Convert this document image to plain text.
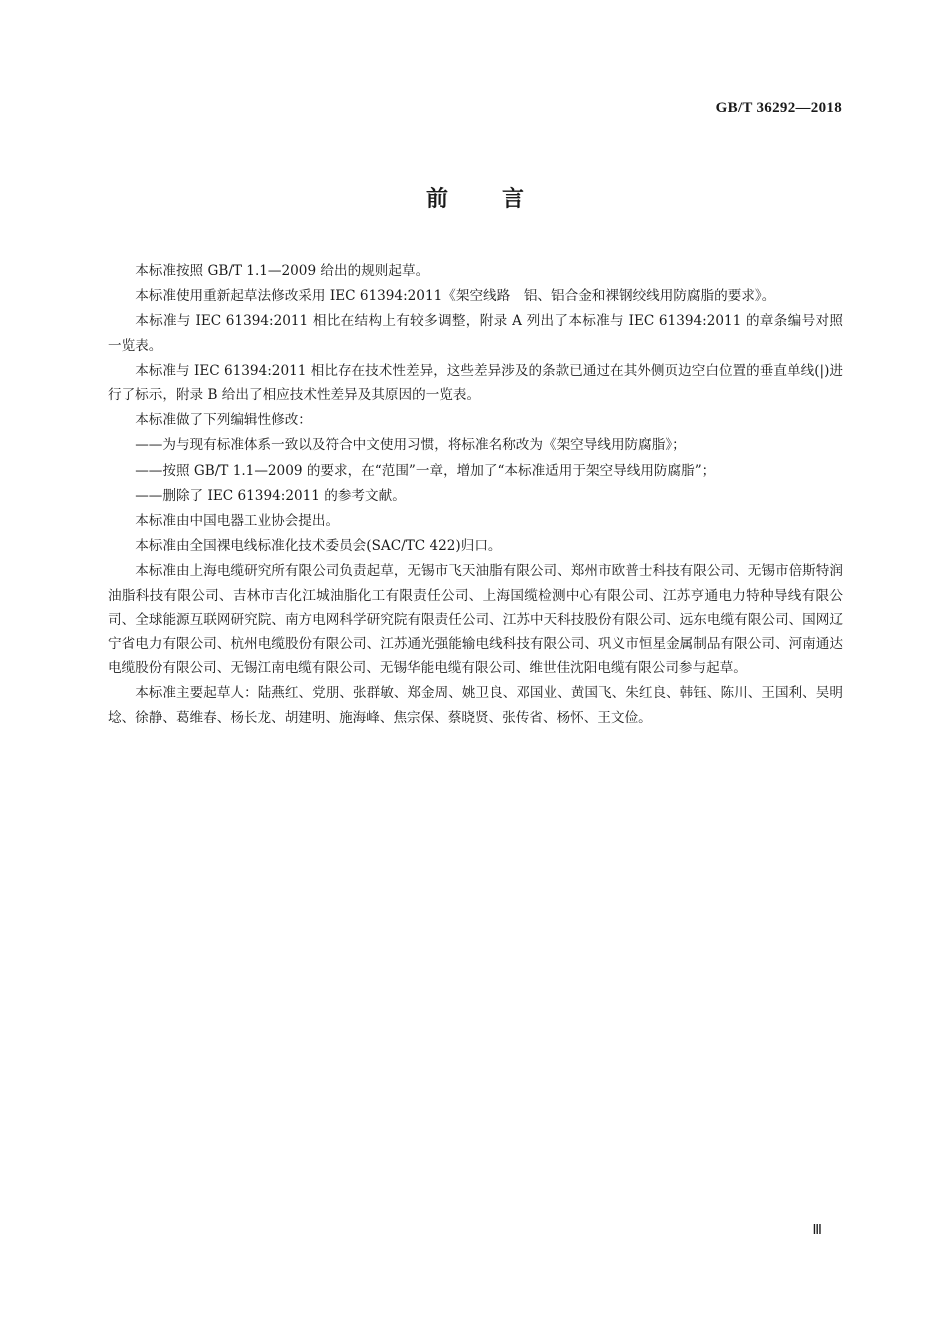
GB/T 36292—2018
前言

本标准按照 GB/T 1.1—2009 给出的规则起草。

本标准使用重新起草法修改采用 IEC 61394:2011《架空线路　铝、铝合金和裸钢绞线用防腐脂的要求》。

本标准与 IEC 61394:2011 相比在结构上有较多调整，附录 A 列出了本标准与 IEC 61394:2011 的章条编号对照一览表。

本标准与 IEC 61394:2011 相比存在技术性差异，这些差异涉及的条款已通过在其外侧页边空白位置的垂直单线(|)进行了标示，附录 B 给出了相应技术性差异及其原因的一览表。

本标准做了下列编辑性修改：

——为与现有标准体系一致以及符合中文使用习惯，将标准名称改为《架空导线用防腐脂》；

——按照 GB/T 1.1—2009 的要求，在“范围”一章，增加了“本标准适用于架空导线用防腐脂”；

——删除了 IEC 61394:2011 的参考文献。

本标准由中国电器工业协会提出。

本标准由全国裸电线标准化技术委员会(SAC/TC 422)归口。

本标准由上海电缆研究所有限公司负责起草，无锡市飞天油脂有限公司、郑州市欧普士科技有限公司、无锡市倍斯特润油脂科技有限公司、吉林市吉化江城油脂化工有限责任公司、上海国缆检测中心有限公司、江苏亨通电力特种导线有限公司、全球能源互联网研究院、南方电网科学研究院有限责任公司、江苏中天科技股份有限公司、远东电缆有限公司、国网辽宁省电力有限公司、杭州电缆股份有限公司、江苏通光强能输电线科技有限公司、巩义市恒星金属制品有限公司、河南通达电缆股份有限公司、无锡江南电缆有限公司、无锡华能电缆有限公司、维世佳沈阳电缆有限公司参与起草。

本标准主要起草人：陆燕红、党朋、张群敏、郑金周、姚卫良、邓国业、黄国飞、朱红良、韩钰、陈川、王国利、吴明埝、徐静、葛维春、杨长龙、胡建明、施海峰、焦宗保、蔡晓贤、张传省、杨怀、王文俭。

Ⅲ
